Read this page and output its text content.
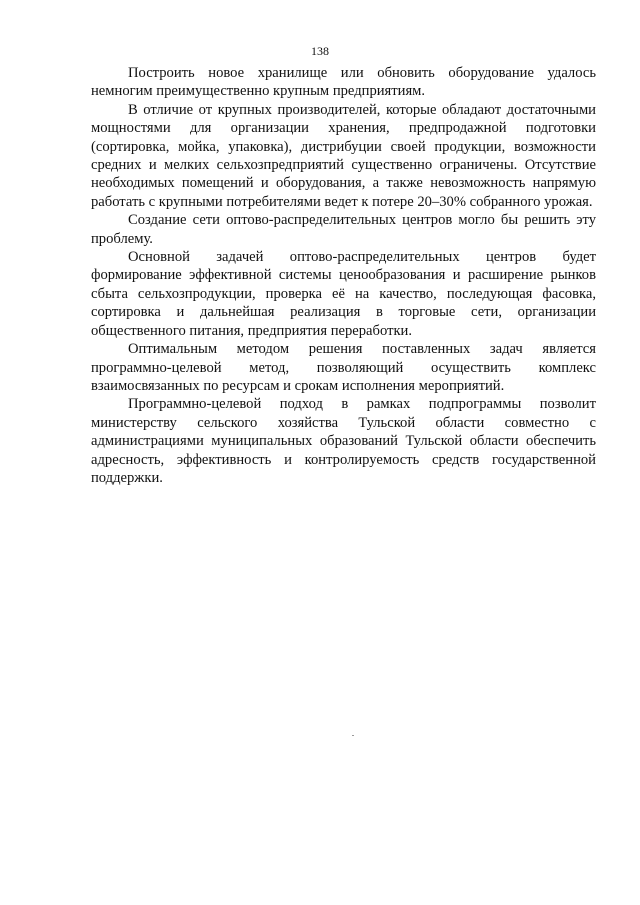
138

Построить новое хранилище или обновить оборудование удалось немногим преимущественно крупным предприятиям.

В отличие от крупных производителей, которые обладают достаточными мощностями для организации хранения, предпродажной подготовки (сортировка, мойка, упаковка), дистрибуции своей продукции, возможности средних и мелких сельхозпредприятий существенно ограничены. Отсутствие необходимых помещений и оборудования, а также невозможность напрямую работать с крупными потребителями ведет к потере 20–30% собранного урожая.

Создание сети оптово-распределительных центров могло бы решить эту проблему.

Основной задачей оптово-распределительных центров будет формирование эффективной системы ценообразования и расширение рынков сбыта сельхозпродукции, проверка её на качество, последующая фасовка, сортировка и дальнейшая реализация в торговые сети, организации общественного питания, предприятия переработки.

Оптимальным методом решения поставленных задач является программно-целевой метод, позволяющий осуществить комплекс взаимосвязанных по ресурсам и срокам исполнения мероприятий.

Программно-целевой подход в рамках подпрограммы позволит министерству сельского хозяйства Тульской области совместно с администрациями муниципальных образований Тульской области обеспечить адресность, эффективность и контролируемость средств государственной поддержки.
